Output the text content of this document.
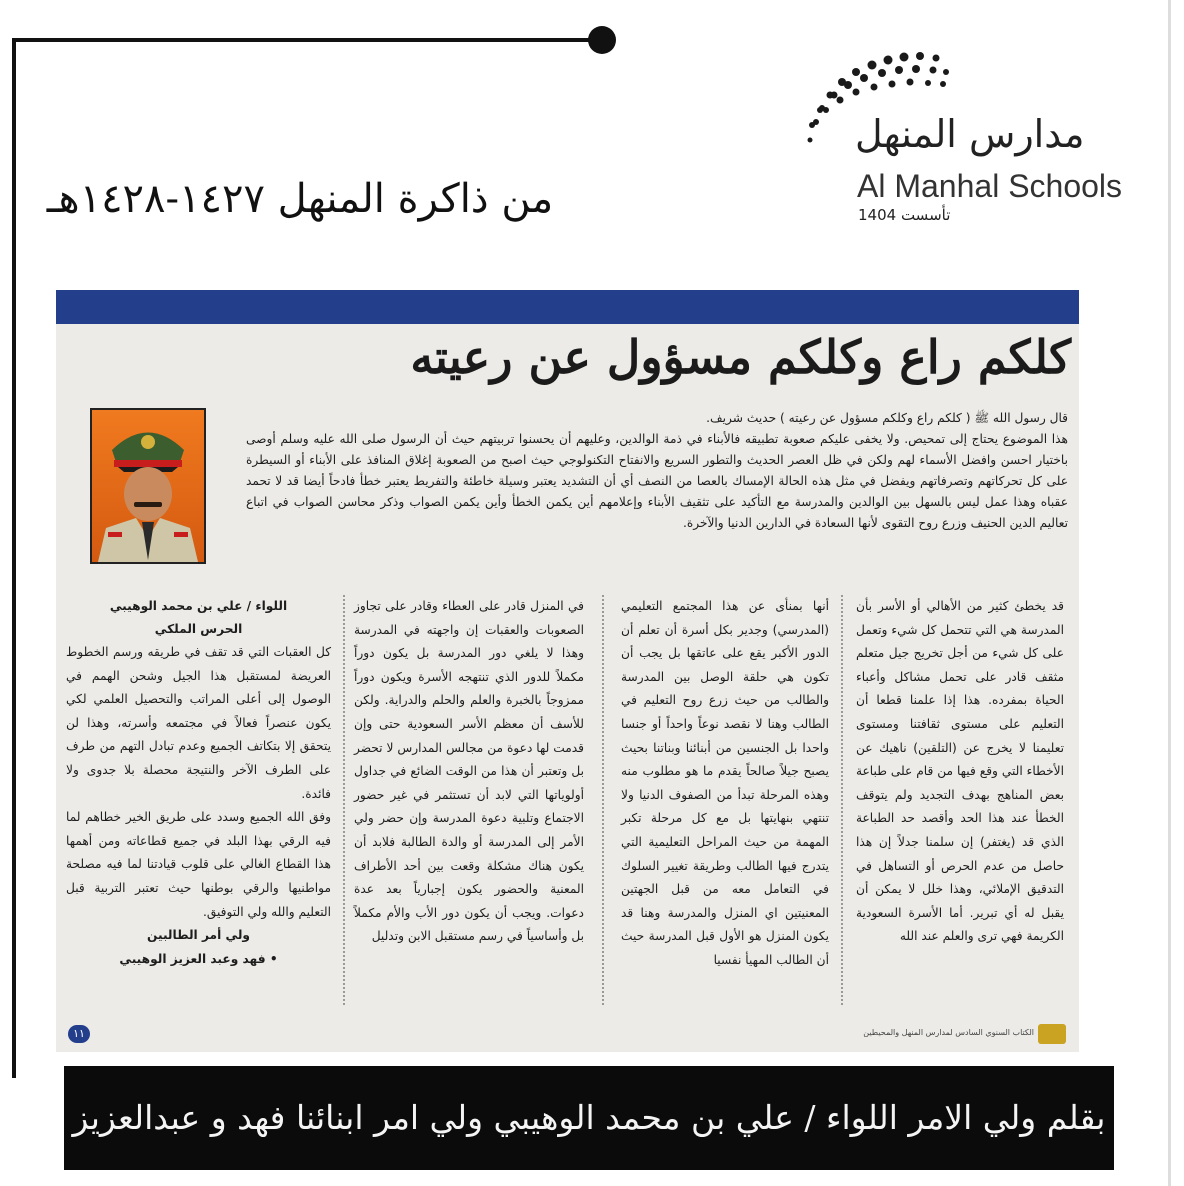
مدارس المنهل
Al Manhal Schools
تأسست 1404
من ذاكرة المنهل ١٤٢٧-١٤٢٨هـ
كلكم راع وكلكم مسؤول عن رعيته

قال رسول الله ﷺ ( كلكم راع وكلكم مسؤول عن رعيته ) حديث شريف.

هذا الموضوع يحتاج إلى تمحيص. ولا يخفى عليكم صعوبة تطبيقه فالأبناء في ذمة الوالدين، وعليهم أن يحسنوا تربيتهم حيث أن الرسول صلى الله عليه وسلم أوصى باختيار احسن وافضل الأسماء لهم ولكن في ظل العصر الحديث والتطور السريع والانفتاح التكنولوجي حيث اصبح من الصعوبة إغلاق المنافذ على الأبناء أو السيطرة على كل تحركاتهم وتصرفاتهم ويفضل في مثل هذه الحالة الإمساك بالعصا من النصف أي أن التشديد يعتبر وسيلة خاطئة والتفريط يعتبر خطأ فادحاً أيضا قد لا تحمد عقباه وهذا عمل ليس بالسهل بين الوالدين والمدرسة مع التأكيد على تثقيف الأبناء وإعلامهم أين يكمن الخطأ وأين يكمن الصواب وذكر محاسن الصواب في اتباع تعاليم الدين الحنيف وزرع روح التقوى لأنها السعادة في الدارين الدنيا والآخرة.

قد يخطئ كثير من الأهالي أو الأسر بأن المدرسة هي التي تتحمل كل شيء وتعمل على كل شيء من أجل تخريج جيل متعلم مثقف قادر على تحمل مشاكل وأعباء الحياة بمفرده. هذا إذا علمنا قطعا أن التعليم على مستوى ثقافتنا ومستوى تعليمنا لا يخرج عن (التلقين) ناهيك عن الأخطاء التي وقع فيها من قام على طباعة بعض المناهج بهدف التجديد ولم يتوقف الخطأ عند هذا الحد وأقصد حد الطباعة الذي قد (يغتفر) إن سلمنا جدلاً إن هذا حاصل من عدم الحرص أو التساهل في التدقيق الإملائي، وهذا خلل لا يمكن أن يقبل له أي تبرير. أما الأسرة السعودية الكريمة فهي ترى والعلم عند الله

أنها بمنأى عن هذا المجتمع التعليمي (المدرسي) وجدير بكل أسرة أن تعلم أن الدور الأكبر يقع على عاتقها بل يجب أن تكون هي حلقة الوصل بين المدرسة والطالب من حيث زرع روح التعليم في الطالب وهنا لا نقصد نوعاً واحداً أو جنسا واحدا بل الجنسين من أبنائنا وبناتنا بحيث يصبح جيلاً صالحاً يقدم ما هو مطلوب منه وهذه المرحلة تبدأ من الصفوف الدنيا ولا تنتهي بنهايتها بل مع كل مرحلة تكبر المهمة من حيث المراحل التعليمية التي يتدرج فيها الطالب وطريقة تغيير السلوك في التعامل معه من قبل الجهتين المعنيتين اي المنزل والمدرسة وهنا قد يكون المنزل هو الأول قبل المدرسة حيث أن الطالب المهيأ نفسيا

في المنزل قادر على العطاء وقادر على تجاوز الصعوبات والعقبات إن واجهته في المدرسة وهذا لا يلغي دور المدرسة بل يكون دوراً مكملاً للدور الذي تنتهجه الأسرة ويكون دوراً ممزوجاً بالخبرة والعلم والحلم والدراية. ولكن للأسف أن معظم الأسر السعودية حتى وإن قدمت لها دعوة من مجالس المدارس لا تحضر بل وتعتبر أن هذا من الوقت الضائع في جداول أولوياتها التي لابد أن تستثمر في غير حضور الاجتماع وتلبية دعوة المدرسة وإن حضر ولي الأمر إلى المدرسة أو والدة الطالبة فلابد أن يكون هناك مشكلة وقعت بين أحد الأطراف المعنية والحضور يكون إجبارياً بعد عدة دعوات. ويجب أن يكون دور الأب والأم مكملاً بل وأساسياً في رسم مستقبل الابن وتدليل

اللواء / علي بن محمد الوهيبي
الحرس الملكي

كل العقبات التي قد تقف في طريقه ورسم الخطوط العريضة لمستقبل هذا الجيل وشحن الهمم في الوصول إلى أعلى المراتب والتحصيل العلمي لكي يكون عنصراً فعالاً في مجتمعه وأسرته، وهذا لن يتحقق إلا بتكاتف الجميع وعدم تبادل التهم من طرف على الطرف الآخر والنتيجة محصلة بلا جدوى ولا فائدة.

وفق الله الجميع وسدد على طريق الخير خطاهم لما فيه الرقي بهذا البلد في جميع قطاعاته ومن أهمها هذا القطاع الغالي على قلوب قيادتنا لما فيه مصلحة مواطنيها والرقي بوطنها حيث تعتبر التربية قبل التعليم والله ولي التوفيق.

ولي أمر الطالبين
• فهد وعبد العزيز الوهيبي
١١	الكتاب السنوي السادس لمدارس المنهل والمحيطين
بقلم ولي الامر اللواء / علي بن محمد الوهيبي ولي امر ابنائنا فهد و عبدالعزيز
